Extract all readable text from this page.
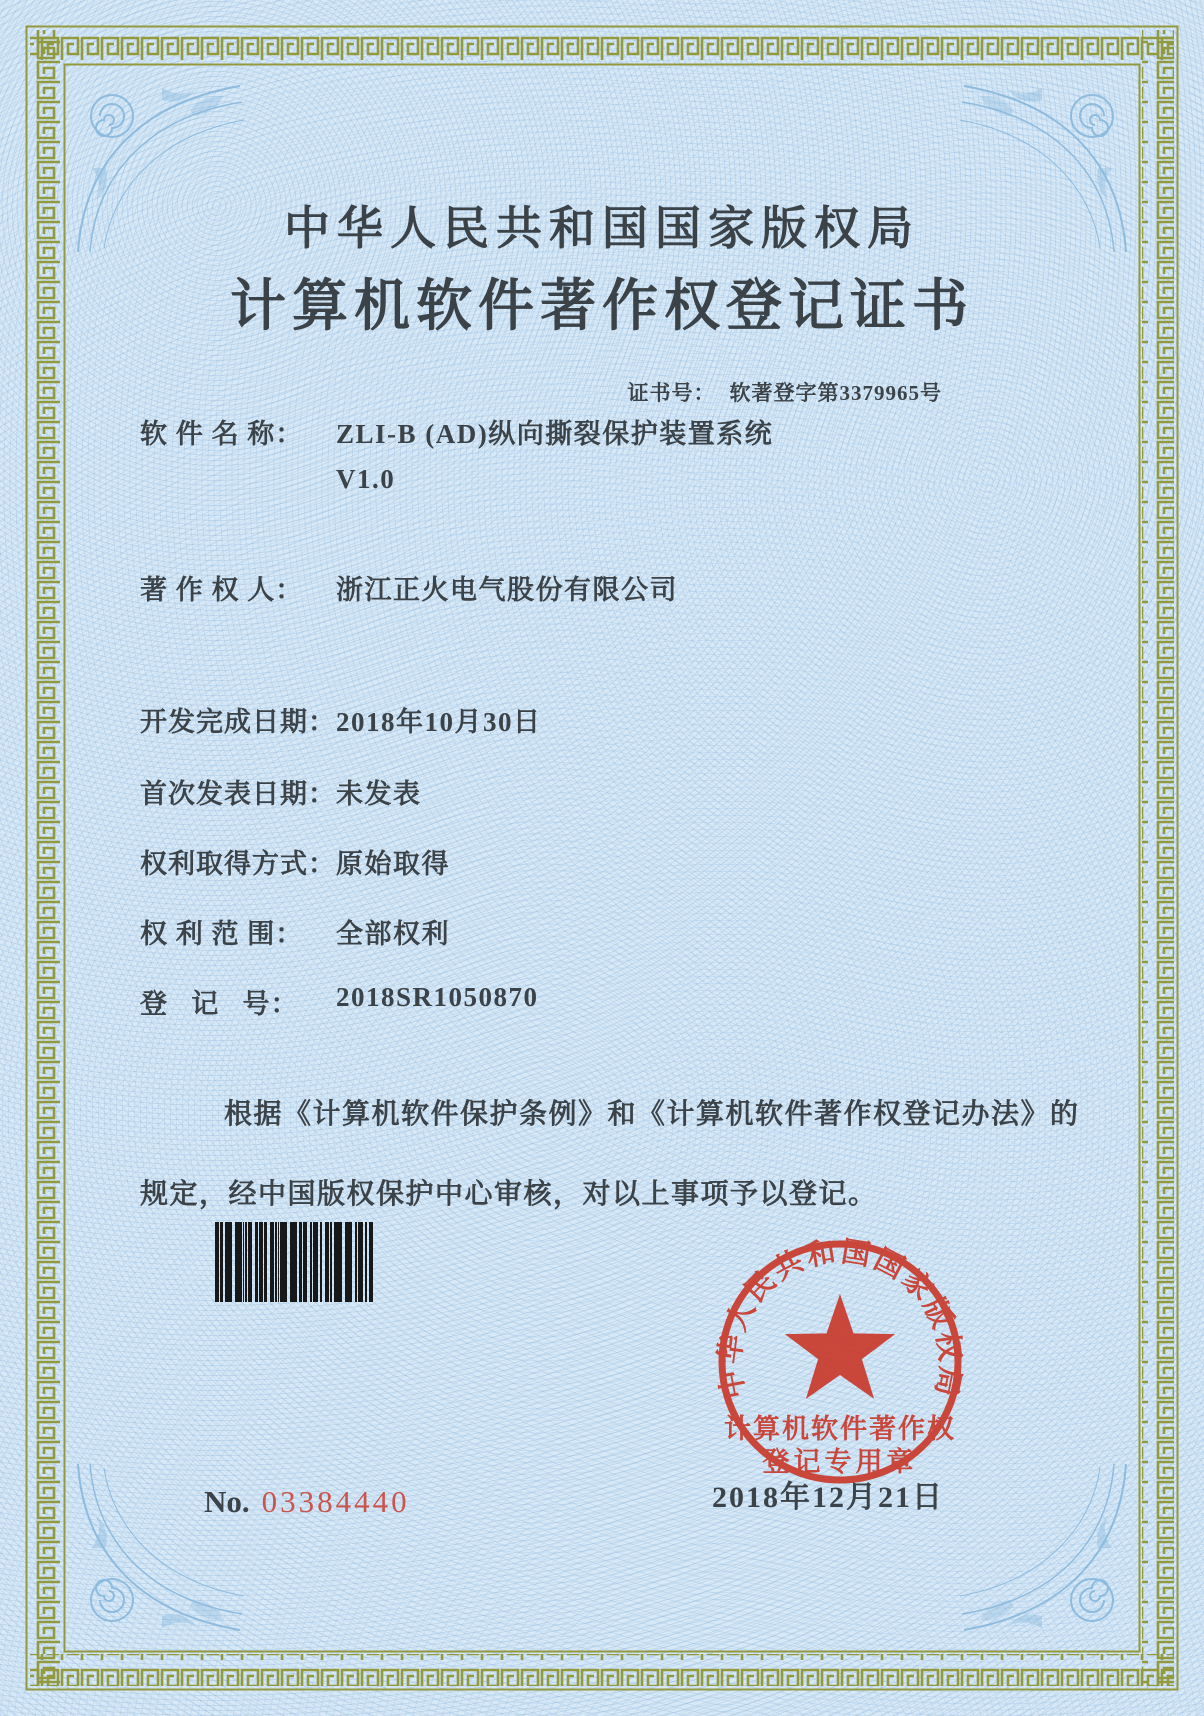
中华人民共和国国家版权局
计算机软件著作权登记证书

证书号： 软著登字第3379965号

软 件 名 称： ZLI-B (AD)纵向撕裂保护装置系统
V1.0
著 作 权 人： 浙江正火电气股份有限公司
开发完成日期：2018年10月30日
首次发表日期：未发表
权利取得方式：原始取得
权 利 范 围： 全部权利
登   记   号： 2018SR1050870
根据《计算机软件保护条例》和《计算机软件著作权登记办法》的
规定，经中国版权保护中心审核，对以上事项予以登记。
中华人民共和国国家版权局
计算机软件著作权
登记专用章
2018年12月21日
No. 03384440
